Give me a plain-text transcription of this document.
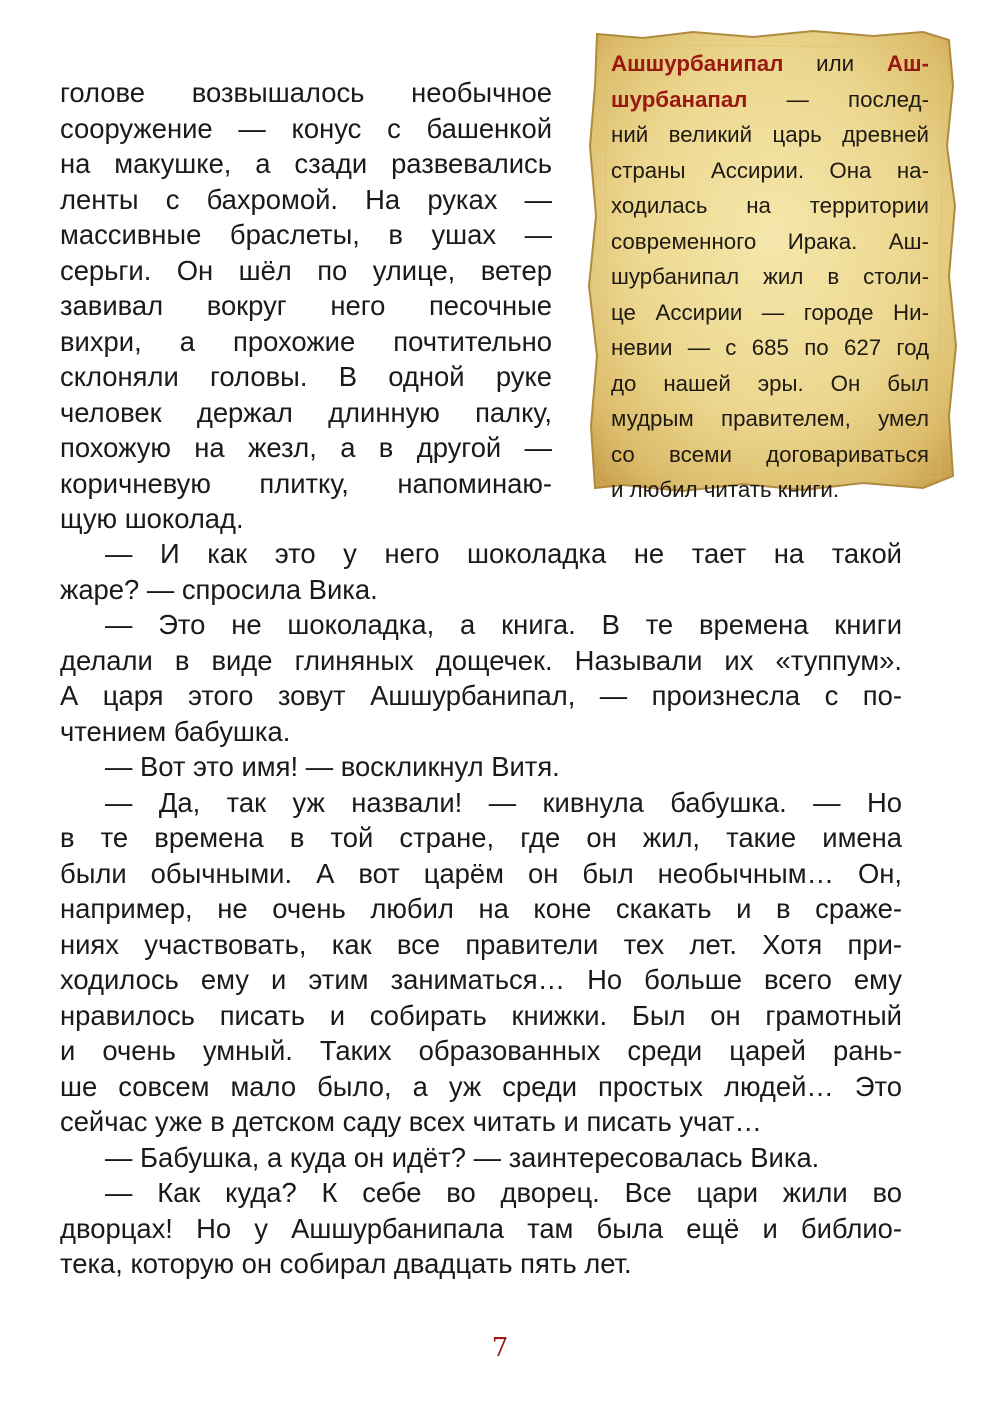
Ашшурбанипал или Аш-
шурбанапал — послед-
ний великий царь древней
страны Ассирии. Она на-
ходилась на территории
современного Ирака. Аш-
шурбанипал жил в столи-
це Ассирии — городе Ни-
невии — с 685 по 627 год
до нашей эры. Он был
мудрым правителем, умел
со всеми договариваться
и любил читать книги.
голове возвышалось необычное
сооружение — конус с башенкой
на макушке, а сзади развевались
ленты с бахромой. На руках —
массивные браслеты, в ушах —
серьги. Он шёл по улице, ветер
завивал вокруг него песочные
вихри, а прохожие почтительно
склоняли головы. В одной руке
человек держал длинную палку,
похожую на жезл, а в другой —
коричневую плитку, напоминаю-
щую шоколад.
— И как это у него шоколадка не тает на такой
жаре? — спросила Вика.
— Это не шоколадка, а книга. В те времена книги
делали в виде глиняных дощечек. Называли их «туппум».
А царя этого зовут Ашшурбанипал, — произнесла с по-
чтением бабушка.
— Вот это имя! — воскликнул Витя.
— Да, так уж назвали! — кивнула бабушка. — Но
в те времена в той стране, где он жил, такие имена
были обычными. А вот царём он был необычным… Он,
например, не очень любил на коне скакать и в сраже-
ниях участвовать, как все правители тех лет. Хотя при-
ходилось ему и этим заниматься… Но больше всего ему
нравилось писать и собирать книжки. Был он грамотный
и очень умный. Таких образованных среди царей рань-
ше совсем мало было, а уж среди простых людей… Это
сейчас уже в детском саду всех читать и писать учат…
— Бабушка, а куда он идёт? — заинтересовалась Вика.
— Как куда? К себе во дворец. Все цари жили во
дворцах! Но у Ашшурбанипала там была ещё и библио-
тека, которую он собирал двадцать пять лет.
7
